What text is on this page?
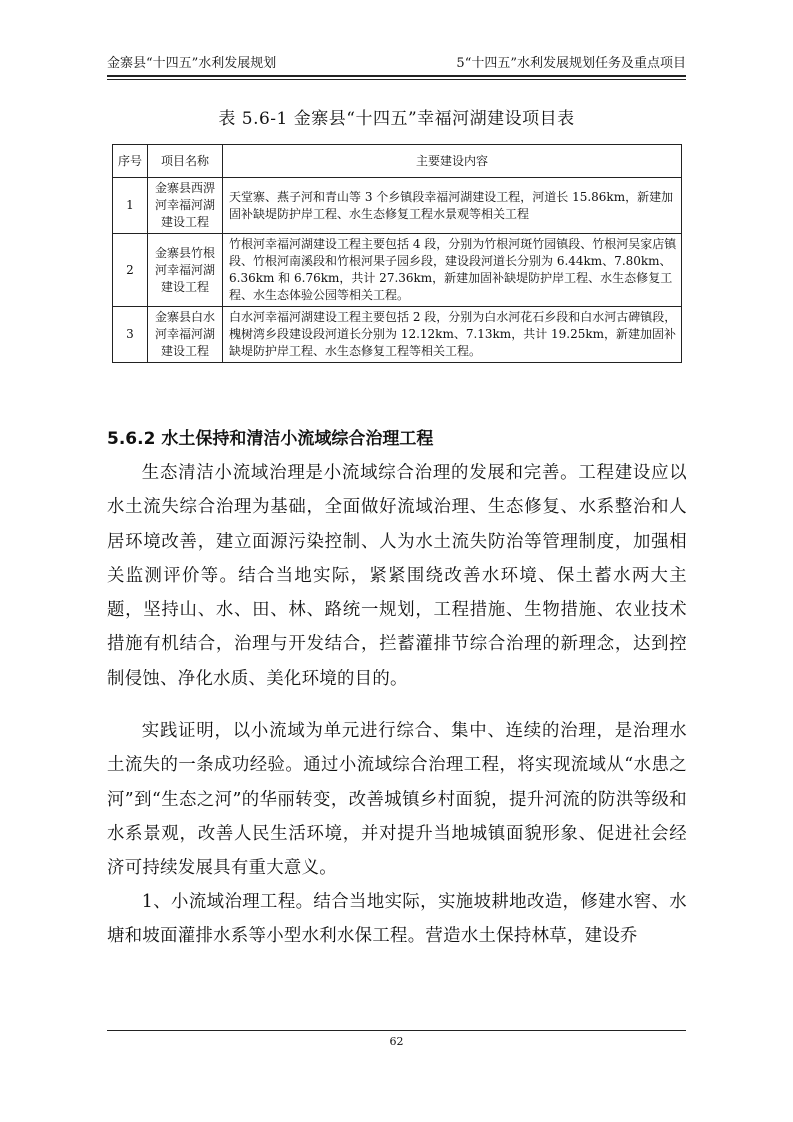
金寨县“十四五”水利发展规划	5“十四五”水利发展规划任务及重点项目
表 5.6-1 金寨县“十四五”幸福河湖建设项目表
序号	项目名称	主要建设内容
1	金寨县西淠河幸福河湖建设工程	天堂寨、燕子河和青山等 3 个乡镇段幸福河湖建设工程，河道长 15.86km，新建加固补缺堤防护岸工程、水生态修复工程水景观等相关工程
2	金寨县竹根河幸福河湖建设工程	竹根河幸福河湖建设工程主要包括 4 段，分别为竹根河斑竹园镇段、竹根河吴家店镇段、竹根河南溪段和竹根河果子园乡段，建设段河道长分别为 6.44km、7.80km、6.36km 和 6.76km，共计 27.36km，新建加固补缺堤防护岸工程、水生态修复工程、水生态体验公园等相关工程。
3	金寨县白水河幸福河湖建设工程	白水河幸福河湖建设工程主要包括 2 段，分别为白水河花石乡段和白水河古碑镇段，槐树湾乡段建设段河道长分别为 12.12km、7.13km，共计 19.25km，新建加固补缺堤防护岸工程、水生态修复工程等相关工程。
5.6.2 水土保持和清洁小流域综合治理工程

生态清洁小流域治理是小流域综合治理的发展和完善。工程建设应以水土流失综合治理为基础，全面做好流域治理、生态修复、水系整治和人居环境改善，建立面源污染控制、人为水土流失防治等管理制度，加强相关监测评价等。结合当地实际，紧紧围绕改善水环境、保土蓄水两大主题，坚持山、水、田、林、路统一规划，工程措施、生物措施、农业技术措施有机结合，治理与开发结合，拦蓄灌排节综合治理的新理念，达到控制侵蚀、净化水质、美化环境的目的。

实践证明，以小流域为单元进行综合、集中、连续的治理，是治理水土流失的一条成功经验。通过小流域综合治理工程，将实现流域从“水患之河”到“生态之河”的华丽转变，改善城镇乡村面貌，提升河流的防洪等级和水系景观，改善人民生活环境，并对提升当地城镇面貌形象、促进社会经济可持续发展具有重大意义。

1、小流域治理工程。结合当地实际，实施坡耕地改造，修建水窖、水塘和坡面灌排水系等小型水利水保工程。营造水土保持林草，建设乔

62
